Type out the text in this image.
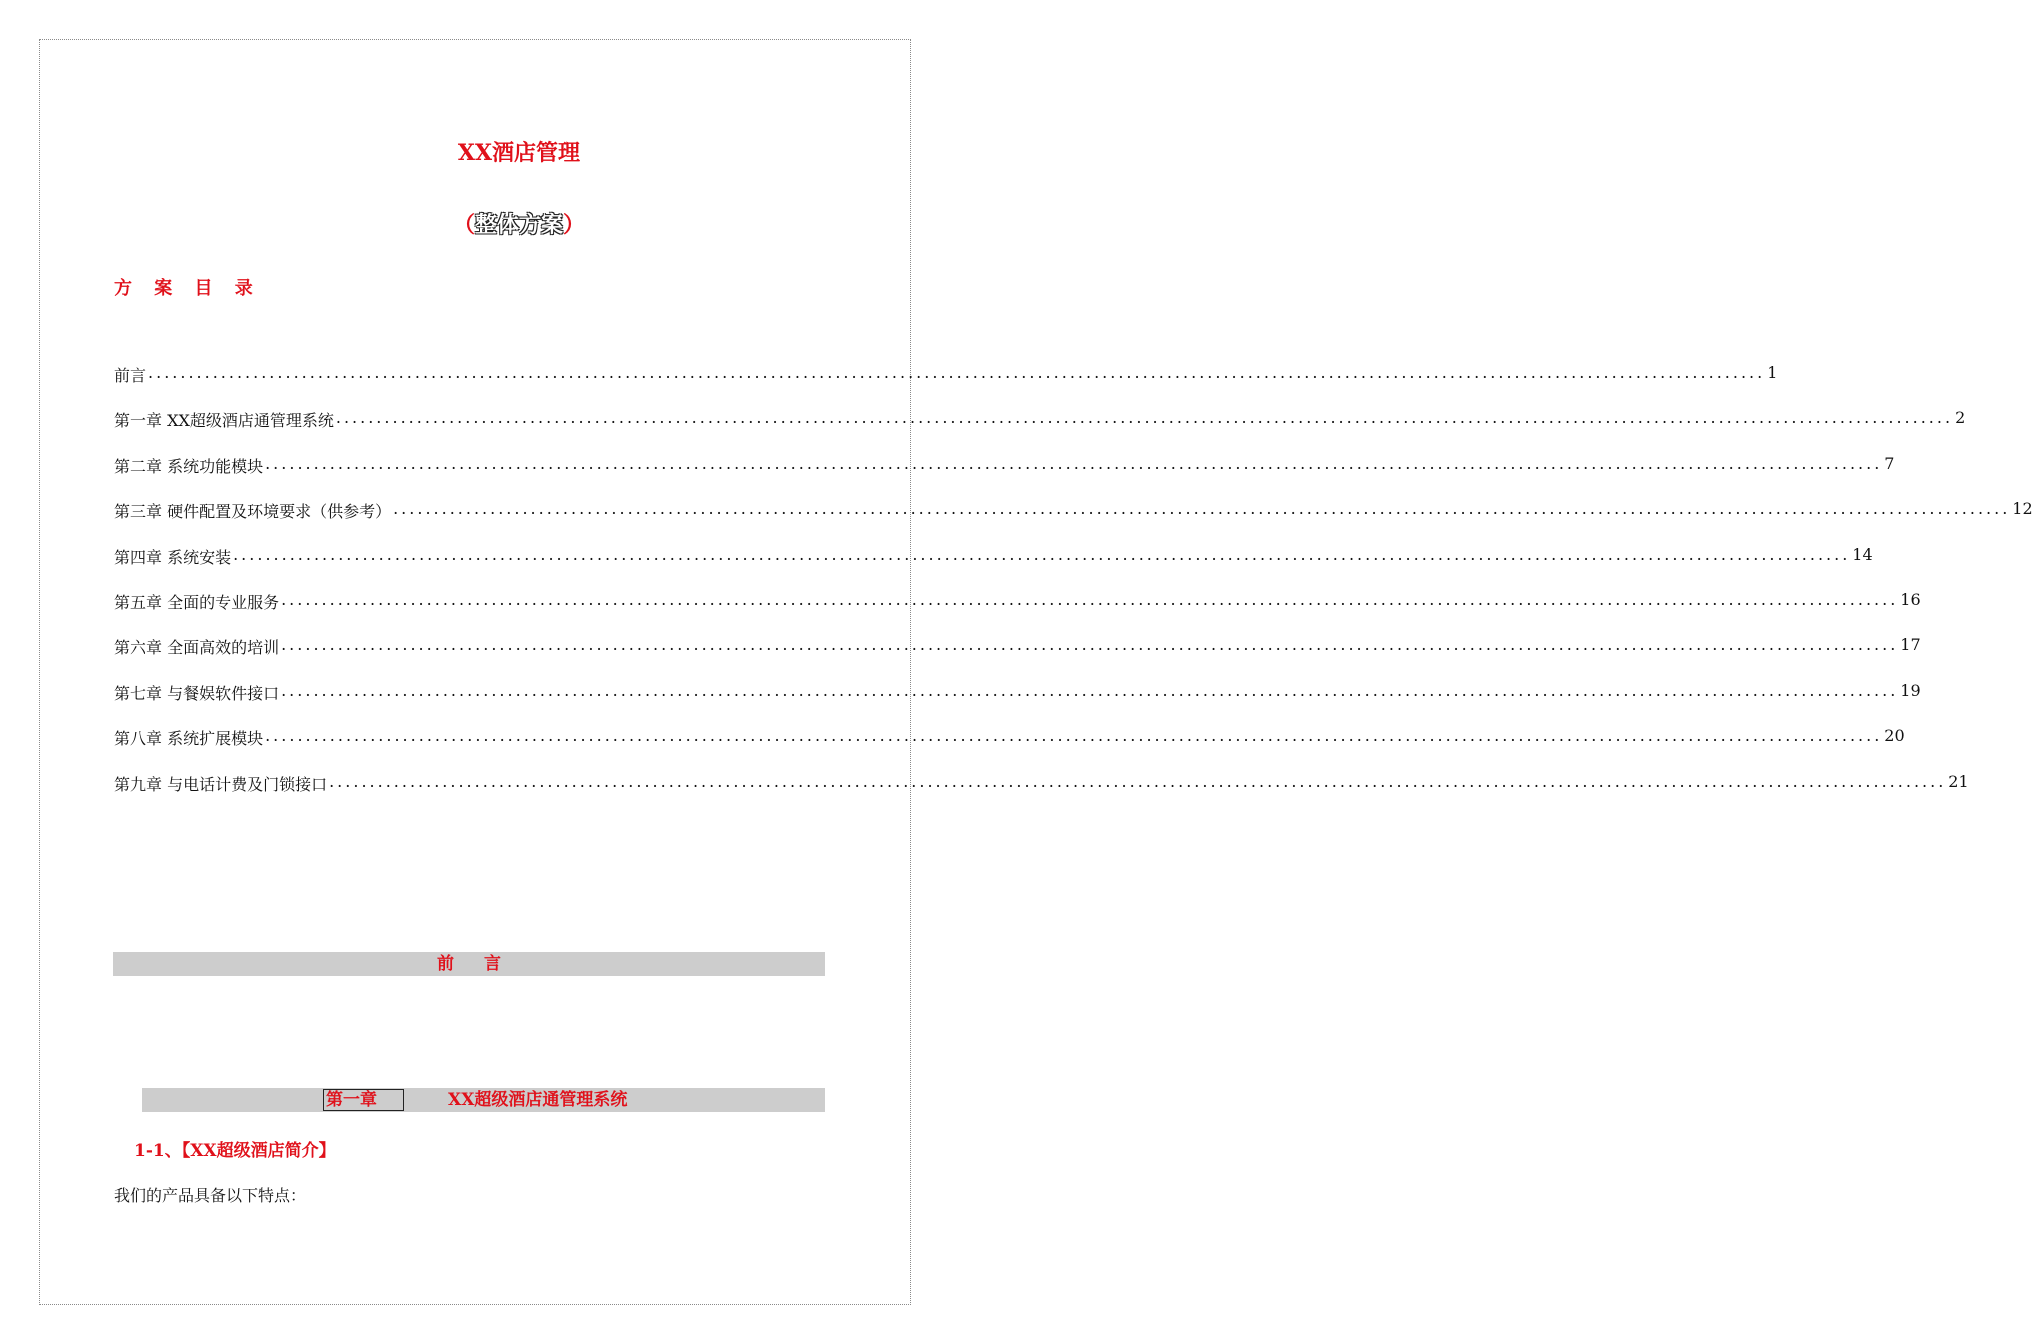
XX酒店管理
（整体方案）
方 案 目 录
前言 ........................................................................................................................................................................................................ 1
第一章 XX超级酒店通管理系统 ........................................................................................................................................................................................................ 2
第二章 系统功能模块 ........................................................................................................................................................................................................ 7
第三章 硬件配置及环境要求（供参考） ........................................................................................................................................................................................................ 12
第四章 系统安装 ........................................................................................................................................................................................................ 14
第五章 全面的专业服务 ........................................................................................................................................................................................................ 16
第六章 全面高效的培训 ........................................................................................................................................................................................................ 17
第七章 与餐娱软件接口 ........................................................................................................................................................................................................ 19
第八章 系统扩展模块 ........................................................................................................................................................................................................ 20
第九章 与电话计费及门锁接口 ........................................................................................................................................................................................................ 21
前言
第一章	XX超级酒店通管理系统
1-1、【XX超级酒店简介】
我们的产品具备以下特点：
